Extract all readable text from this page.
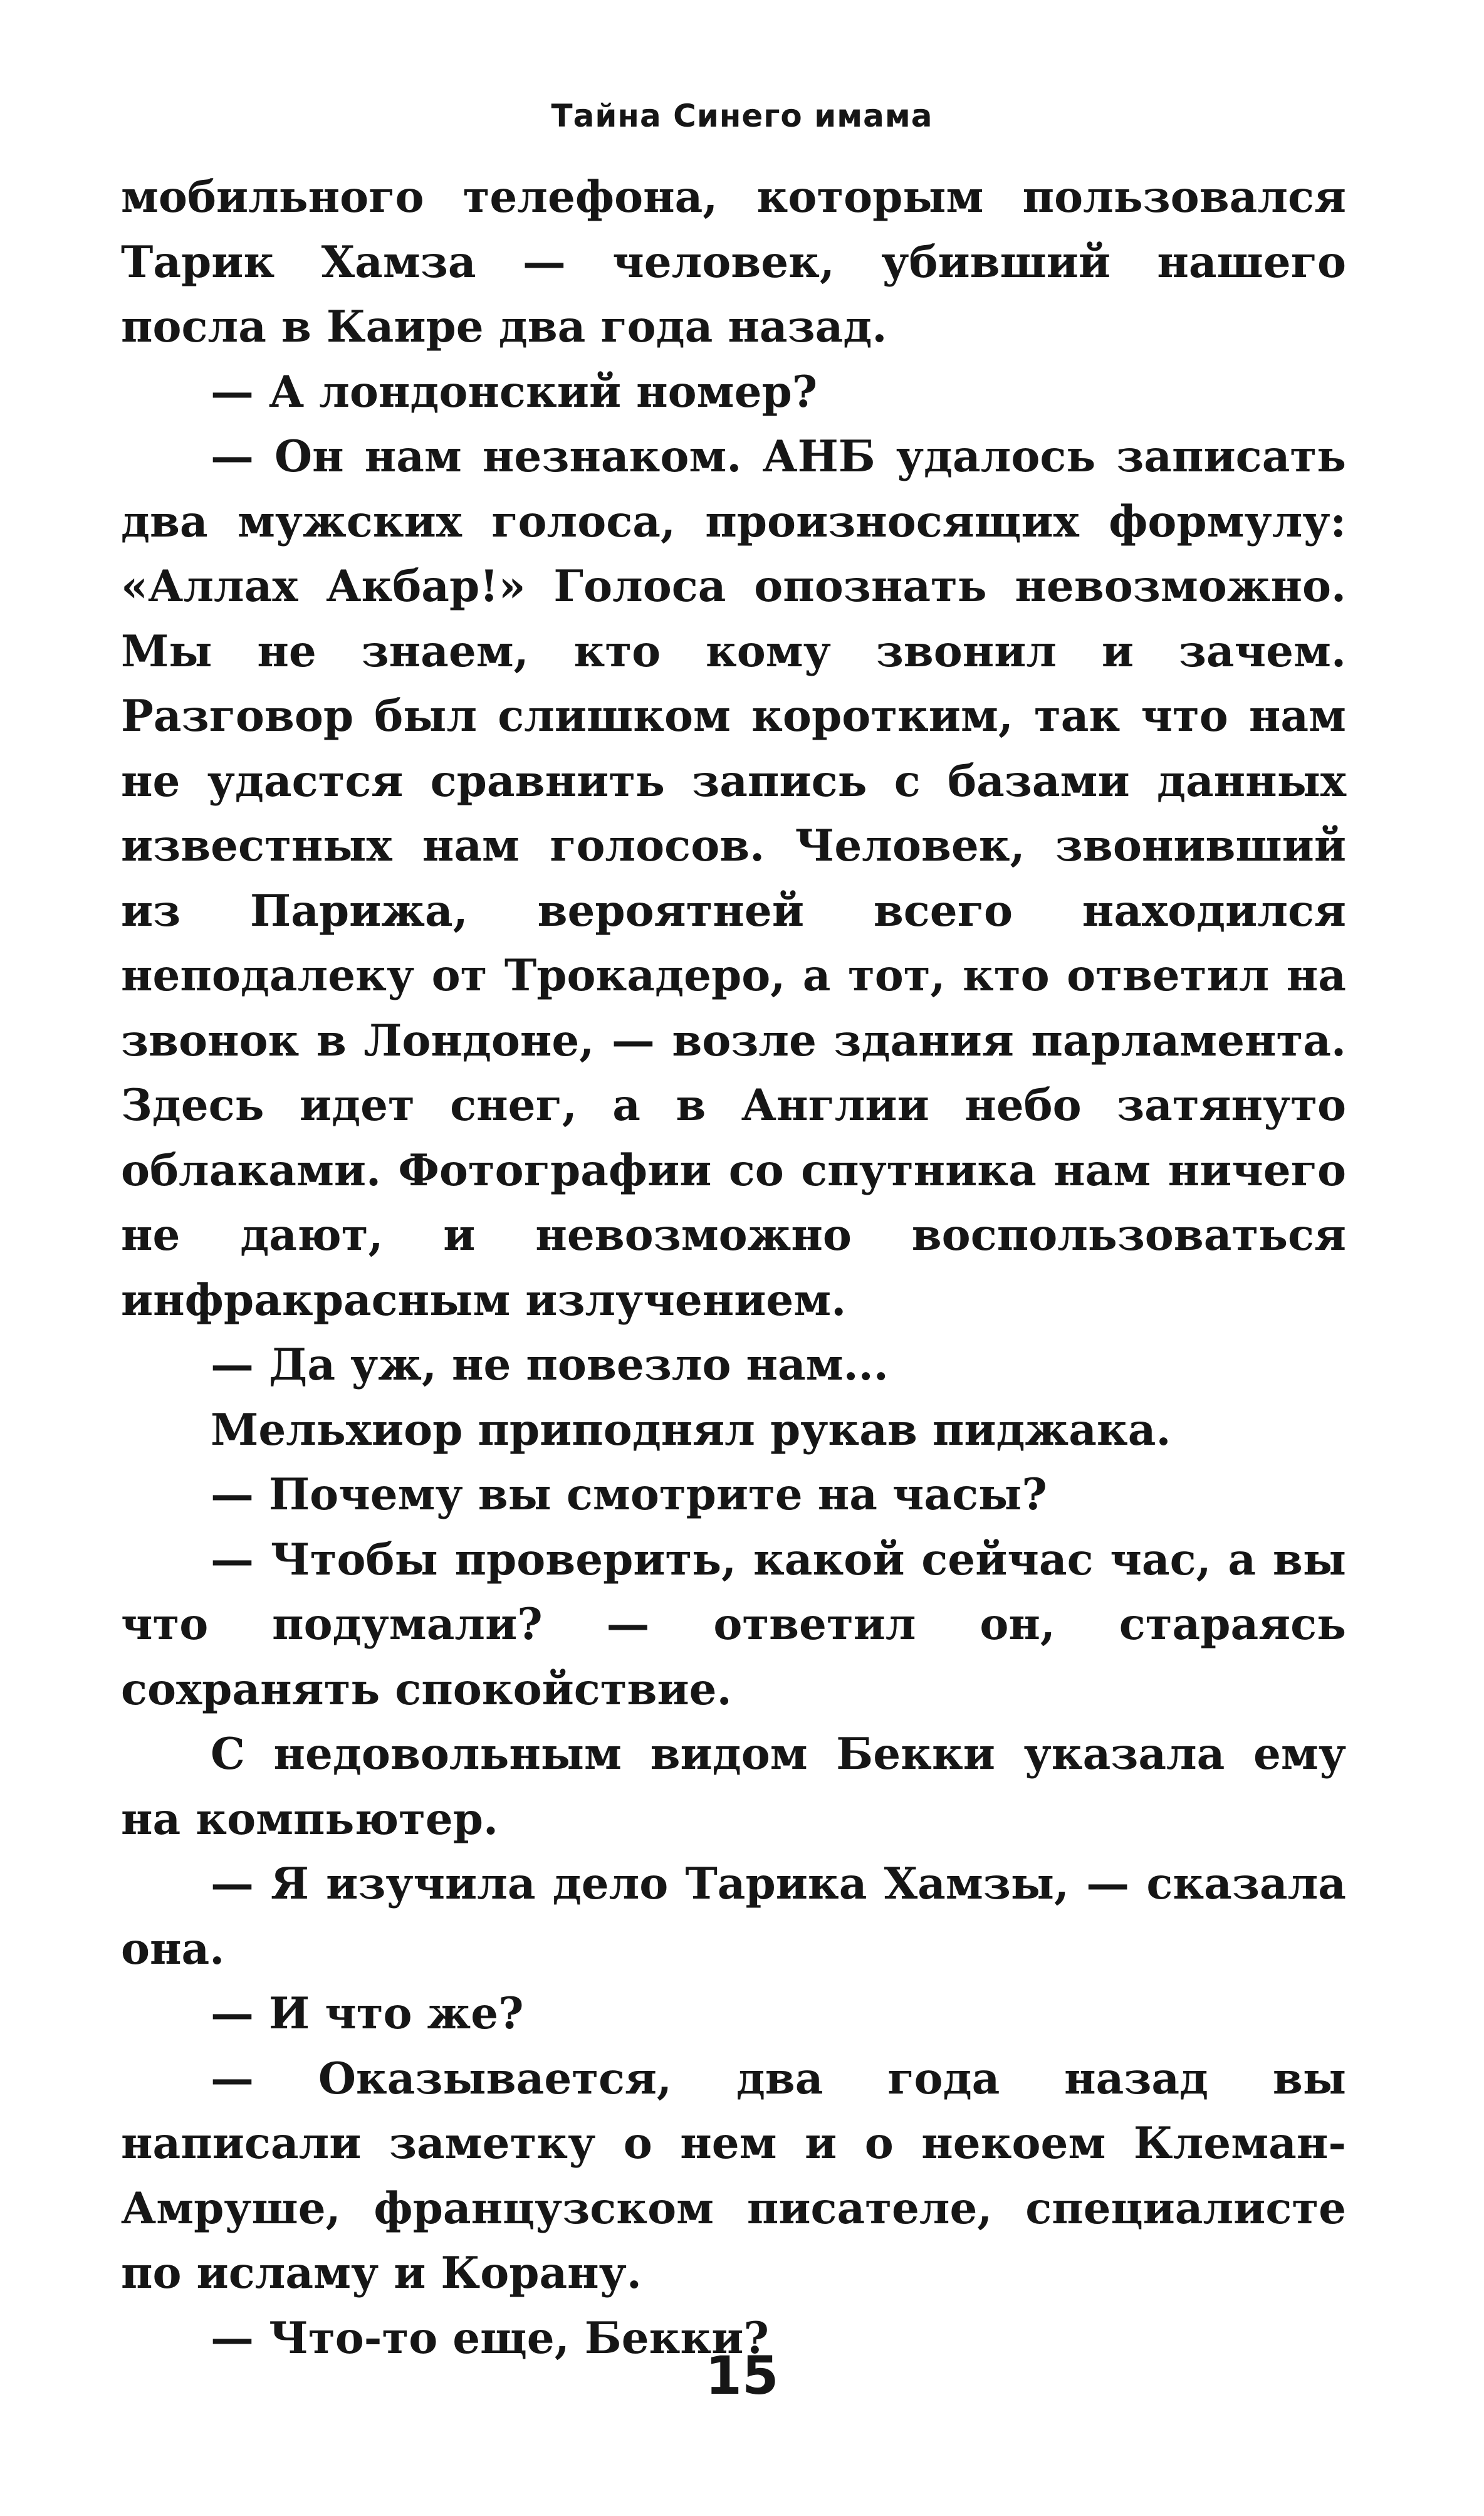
Тайна Синего имама

мобильного телефона, которым пользовался Тарик Хамза — человек, убивший нашего посла в Каире два года назад.

— А лондонский номер?

— Он нам незнаком. АНБ удалось записать два мужских голоса, произносящих формулу: «Аллах Акбар!» Голоса опознать невозможно. Мы не знаем, кто кому звонил и зачем. Разговор был слишком коротким, так что нам не удастся сравнить запись с базами данных известных нам голосов. Человек, звонивший из Парижа, вероятней всего находился неподалеку от Трокадеро, а тот, кто ответил на звонок в Лондоне, — возле здания парламента. Здесь идет снег, а в Англии небо затянуто облаками. Фотографии со спутника нам ничего не дают, и невозможно воспользоваться инфракрасным излучением.

— Да уж, не повезло нам...

Мельхиор приподнял рукав пиджака.

— Почему вы смотрите на часы?

— Чтобы проверить, какой сейчас час, а вы что подумали? — ответил он, стараясь сохранять спокойствие.

С недовольным видом Бекки указала ему на компьютер.

— Я изучила дело Тарика Хамзы, — сказала она.

— И что же?

— Оказывается, два года назад вы написали заметку о нем и о некоем Клеман-Амруше, французском писателе, специалисте по исламу и Корану.

— Что-то еще, Бекки?

15
